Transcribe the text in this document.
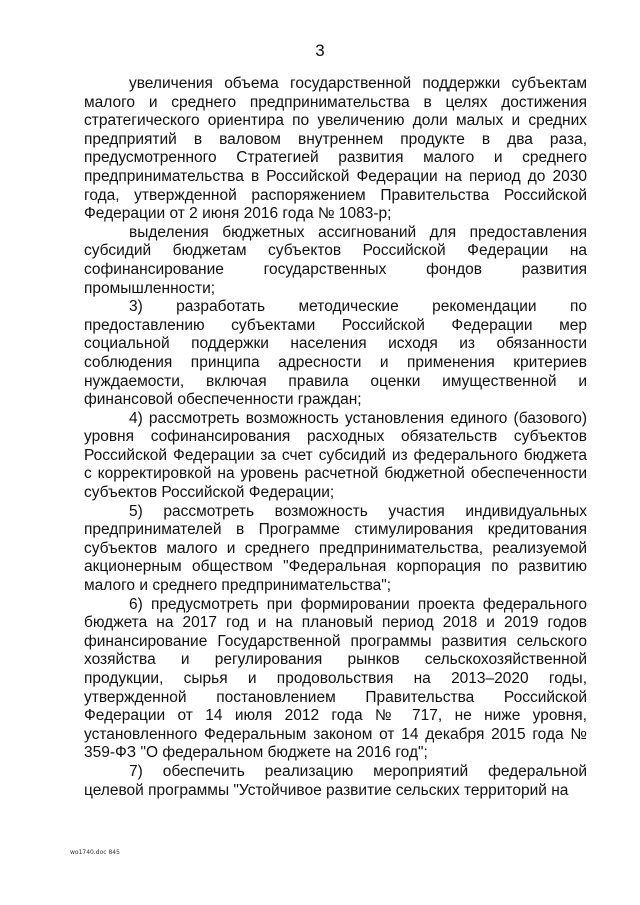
3

увеличения объема государственной поддержки субъектам малого и среднего предпринимательства в целях достижения стратегического ориентира по увеличению доли малых и средних предприятий в валовом внутреннем продукте в два раза, предусмотренного Стратегией развития малого и среднего предпринимательства в Российской Федерации на период до 2030 года, утвержденной распоряжением Правительства Российской Федерации от 2 июня 2016 года № 1083-р;

выделения бюджетных ассигнований для предоставления субсидий бюджетам субъектов Российской Федерации на софинансирование государственных фондов развития промышленности;

3) разработать методические рекомендации по предоставлению субъектами Российской Федерации мер социальной поддержки населения исходя из обязанности соблюдения принципа адресности и применения критериев нуждаемости, включая правила оценки имущественной и финансовой обеспеченности граждан;

4) рассмотреть возможность установления единого (базового) уровня софинансирования расходных обязательств субъектов Российской Федерации за счет субсидий из федерального бюджета с корректировкой на уровень расчетной бюджетной обеспеченности субъектов Российской Федерации;

5) рассмотреть возможность участия индивидуальных предпринимателей в Программе стимулирования кредитования субъектов малого и среднего предпринимательства, реализуемой акционерным обществом "Федеральная корпорация по развитию малого и среднего предпринимательства";

6) предусмотреть при формировании проекта федерального бюджета на 2017 год и на плановый период 2018 и 2019 годов финансирование Государственной программы развития сельского хозяйства и регулирования рынков сельскохозяйственной продукции, сырья и продовольствия на 2013–2020 годы, утвержденной постановлением Правительства Российской Федерации от 14 июля 2012 года № 717, не ниже уровня, установленного Федеральным законом от 14 декабря 2015 года № 359-ФЗ "О федеральном бюджете на 2016 год";

7) обеспечить реализацию мероприятий федеральной целевой программы "Устойчивое развитие сельских территорий на

wo1740.doc 845
